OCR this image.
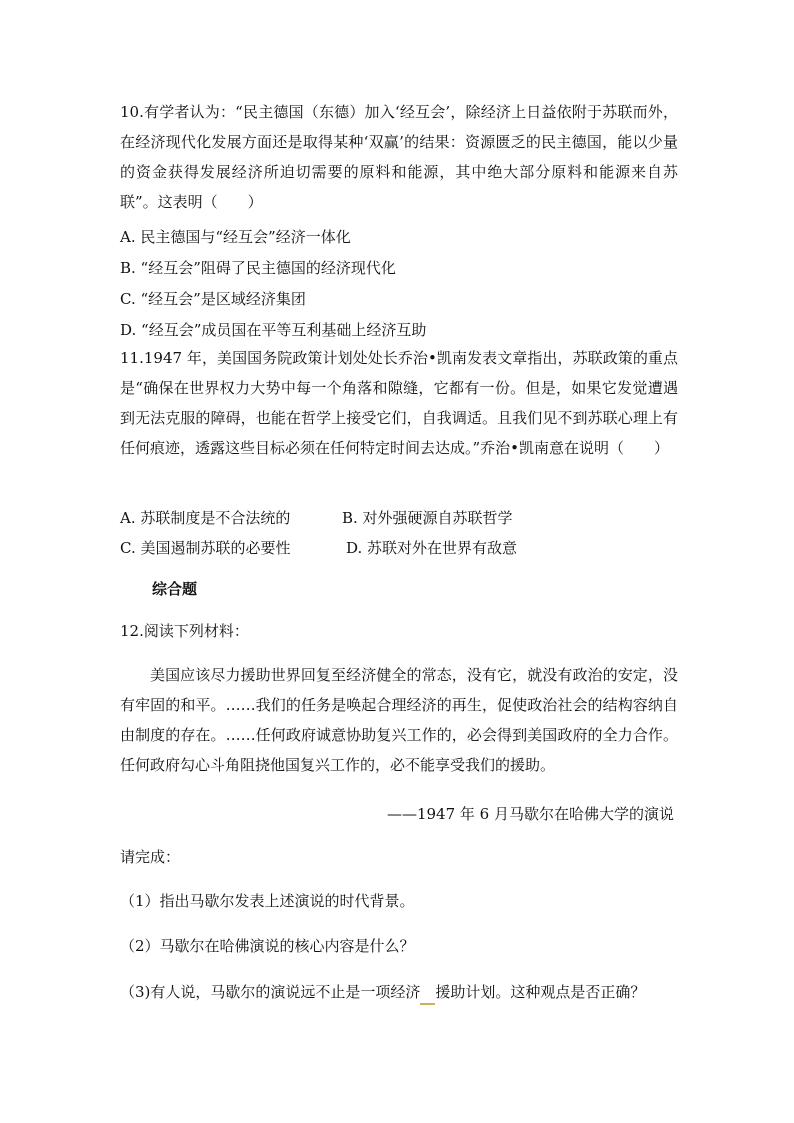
10.有学者认为：“民主德国（东德）加入‘经互会’，除经济上日益依附于苏联而外，在经济现代化发展方面还是取得某种‘双赢’的结果：资源匮乏的民主德国，能以少量的资金获得发展经济所迫切需要的原料和能源，其中绝大部分原料和能源来自苏联”。这表明（　　）
A. 民主德国与“经互会”经济一体化
B. “经互会”阻碍了民主德国的经济现代化
C. “经互会”是区域经济集团
D. “经互会”成员国在平等互利基础上经济互助
11.1947 年，美国国务院政策计划处处长乔治•凯南发表文章指出，苏联政策的重点是“确保在世界权力大势中每一个角落和隙缝，它都有一份。但是，如果它发觉遭遇到无法克服的障碍，也能在哲学上接受它们，自我调适。且我们见不到苏联心理上有任何痕迹，透露这些目标必须在任何特定时间去达成。”乔治•凯南意在说明（　　）
A. 苏联制度是不合法统的	B. 对外强硬源自苏联哲学
C. 美国遏制苏联的必要性	D. 苏联对外在世界有敌意
综合题
12.阅读下列材料：
美国应该尽力援助世界回复至经济健全的常态，没有它，就没有政治的安定，没有牢固的和平。……我们的任务是唤起合理经济的再生，促使政治社会的结构容纳自由制度的存在。……任何政府诚意协助复兴工作的，必会得到美国政府的全力合作。任何政府勾心斗角阻挠他国复兴工作的，必不能享受我们的援助。
——1947 年 6 月马歇尔在哈佛大学的演说
请完成：
（1）指出马歇尔发表上述演说的时代背景。
（2）马歇尔在哈佛演说的核心内容是什么？
（3)有人说，马歇尔的演说远不止是一项经济　 援助计划。这种观点是否正确？
